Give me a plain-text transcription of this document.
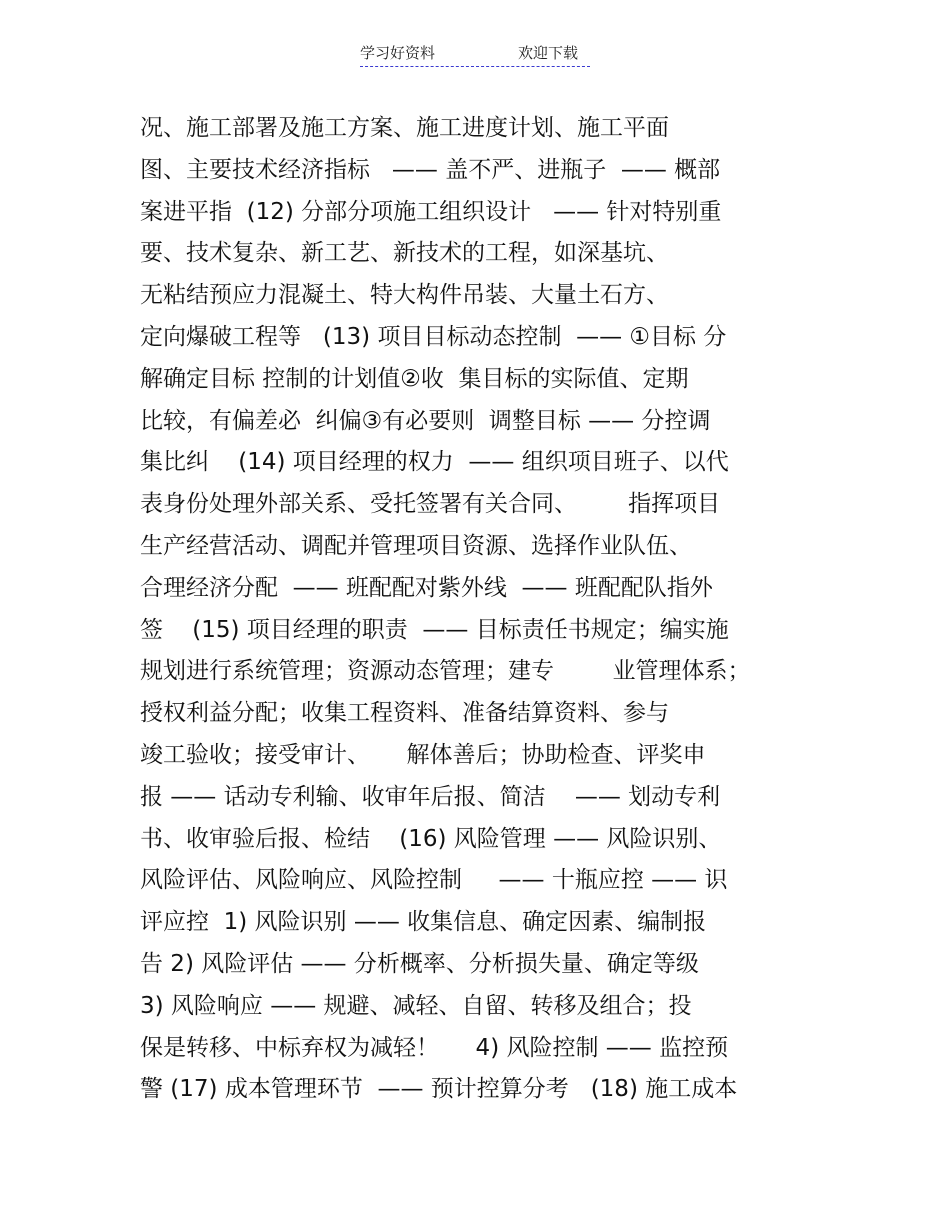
学习好资料	欢迎下载
况、施工部署及施工方案、施工进度计划、施工平面
图、主要技术经济指标   —— 盖不严、进瓶子  —— 概部
案进平指  (12) 分部分项施工组织设计   —— 针对特别重
要、技术复杂、新工艺、新技术的工程，如深基坑、
无粘结预应力混凝土、特大构件吊装、大量土石方、
定向爆破工程等   (13) 项目目标动态控制  —— ①目标 分
解确定目标 控制的计划值②收  集目标的实际值、定期
比较，有偏差必  纠偏③有必要则  调整目标 —— 分控调
集比纠    (14) 项目经理的权力  —— 组织项目班子、以代
表身份处理外部关系、受托签署有关合同、       指挥项目
生产经营活动、调配并管理项目资源、选择作业队伍、
合理经济分配  —— 班配配对紫外线  —— 班配配队指外
签    (15) 项目经理的职责  —— 目标责任书规定；编实施
规划进行系统管理；资源动态管理；建专        业管理体系；
授权利益分配；收集工程资料、准备结算资料、参与
竣工验收；接受审计、     解体善后；协助检查、评奖申
报 —— 话动专利输、收审年后报、简洁    —— 划动专利
书、收审验后报、检结    (16) 风险管理 —— 风险识别、
风险评估、风险响应、风险控制     —— 十瓶应控 —— 识
评应控  1) 风险识别 —— 收集信息、确定因素、编制报
告 2) 风险评估 —— 分析概率、分析损失量、确定等级
3) 风险响应 —— 规避、减轻、自留、转移及组合；投
保是转移、中标弃权为减轻！     4) 风险控制 —— 监控预
警 (17) 成本管理环节  —— 预计控算分考   (18) 施工成本
